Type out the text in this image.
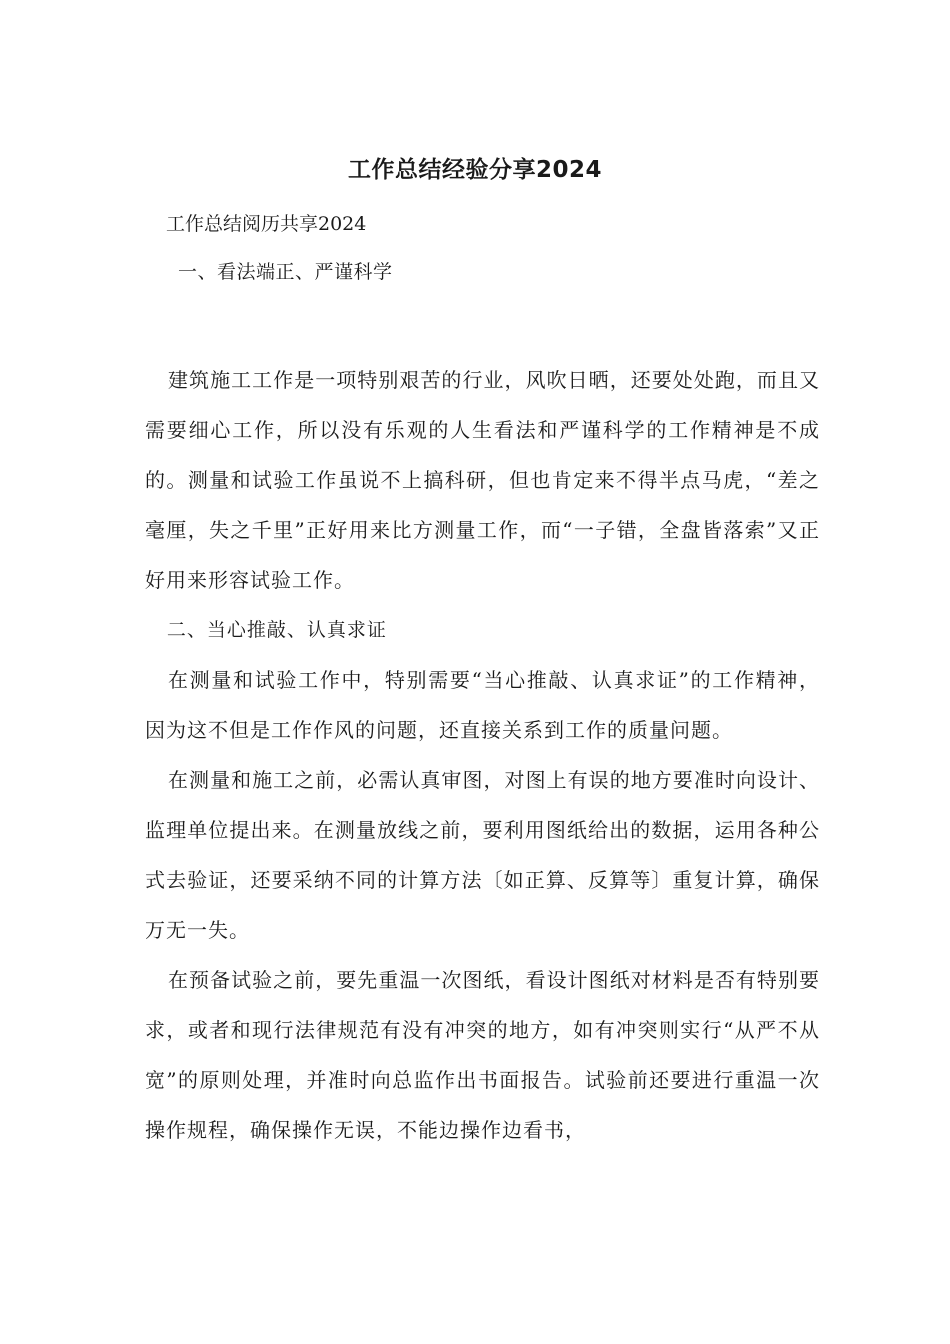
工作总结经验分享2024
工作总结阅历共享2024
一、看法端正、严谨科学

建筑施工工作是一项特别艰苦的行业，风吹日晒，还要处处跑，而且又需要细心工作，所以没有乐观的人生看法和严谨科学的工作精神是不成的。测量和试验工作虽说不上搞科研，但也肯定来不得半点马虎，“差之毫厘，失之千里”正好用来比方测量工作，而“一子错，全盘皆落索”又正好用来形容试验工作。

二、当心推敲、认真求证

在测量和试验工作中，特别需要“当心推敲、认真求证”的工作精神，因为这不但是工作作风的问题，还直接关系到工作的质量问题。

在测量和施工之前，必需认真审图，对图上有误的地方要准时向设计、监理单位提出来。在测量放线之前，要利用图纸给出的数据，运用各种公式去验证，还要采纳不同的计算方法〔如正算、反算等〕重复计算，确保万无一失。

在预备试验之前，要先重温一次图纸，看设计图纸对材料是否有特别要求，或者和现行法律规范有没有冲突的地方，如有冲突则实行“从严不从宽”的原则处理，并准时向总监作出书面报告。试验前还要进行重温一次操作规程，确保操作无误，不能边操作边看书，
